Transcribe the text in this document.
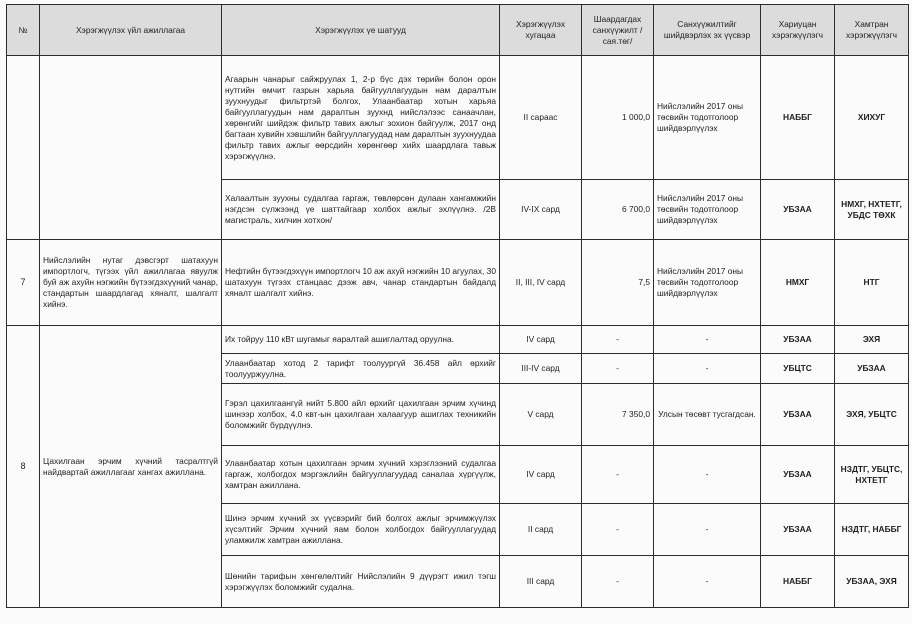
№	Хэрэгжүүлэх үйл ажиллагаа	Хэрэгжүүлэх үе шатууд	Хэрэгжүүлэх хугацаа	Шаардагдах санхүүжилт /сая.төг/	Санхүүжилтийг шийдвэрлэх эх үүсвэр	Хариуцан хэрэгжүүлэгч	Хамтран хэрэгжүүлэгч
		Агаарын чанарыг сайжруулах 1, 2-р бүс дэх төрийн болон орон нутгийн өмчит газрын харьяа байгууллагуудын нам даралтын зуухнуудыг фильтртэй болгох, Улаанбаатар хотын харьяа байгууллагуудын нам даралтын зуухнд нийслэлээс санаачлан, хөрөнгийг шийдэж фильтр тавих ажлыг зохион байгуулж, 2017 онд багтаан хувийн хэвшлийн байгууллагуудад нам даралтын зуухнуудаа фильтр тавих ажлыг өөрсдийн хөрөнгөөр хийх шаардлага тавьж хэрэгжүүлнэ.	II сараас	1 000,0	Нийслэлийн 2017 оны төсвийн тодотголоор шийдвэрлүүлэх	НАББГ	ХИХУГ
		Халаалтын зуухны судалгаа гаргаж, төвлөрсөн дулаан хангамжийн нэгдсэн сүлжээнд үе шаттайгаар холбох ажлыг эхлүүлнэ. /2В магистраль, хилчин хотхон/	IV-IX сард	6 700,0	Нийслэлийн 2017 оны төсвийн тодотголоор шийдвэрлүүлэх	УБЗАА	НМХГ, НХТЕТГ, УБДС ТӨХК
7	Нийслэлийн нутаг дэвсгэрт шатахуун импортлогч, түгээх үйл ажиллагаа явуулж буй аж ахуйн нэгжийн бүтээгдэхүүний чанар, стандартын шаардлагад хяналт, шалгалт хийнэ.	Нефтийн бүтээгдэхүүн импортлогч 10 аж ахуй нэгжийн 10 агуулах, 30 шатахуун түгээх станцаас дээж авч, чанар стандартын байдалд хяналт шалгалт хийнэ.	II, III, IV сард	7,5	Нийслэлийн 2017 оны төсвийн тодотголоор шийдвэрлүүлэх	НМХГ	НТГ
8	Цахилгаан эрчим хүчний тасралтгүй найдвартай ажиллагааг хангах ажиллана.	Их тойруу 110 кВт шугамыг яаралтай ашиглалтад оруулна.	IV сард	-	-	УБЗАА	ЭХЯ
		Улаанбаатар хотод 2 тарифт тоолуургүй 36.458 айл өрхийг тоолууржуулна.	III-IV сард	-	-	УБЦТС	УБЗАА
		Гэрэл цахилгаангүй нийт 5.800 айл өрхийг цахилгаан эрчим хүчинд шинээр холбох, 4.0 квт-ын цахилгаан халаагуур ашиглах техникийн боломжийг бүрдүүлнэ.	V сард	7 350,0	Улсын төсөвт тусгагдсан.	УБЗАА	ЭХЯ, УБЦТС
		Улаанбаатар хотын цахилгаан эрчим хүчний хэрэглээний судалгаа гаргаж, холбогдох мэргэжлийн байгууллагуудад саналаа хүргүүлж, хамтран ажиллана.	IV сард	-	-	УБЗАА	НЗДТГ, УБЦТС, НХТЕТГ
		Шинэ эрчим хүчний эх үүсвэрийг бий болгох ажлыг эрчимжүүлэх хүсэлтийг Эрчим хүчний яам болон холбогдох байгууллагуудад уламжилж хамтран ажиллана.	II сард	-	-	УБЗАА	НЗДТГ, НАББГ
		Шөнийн тарифын хөнгөлөлтийг Нийслэлийн 9 дүүрэгт ижил тэгш хэрэгжүүлэх боломжийг судална.	III сард	-	-	НАББГ	УБЗАА, ЭХЯ
